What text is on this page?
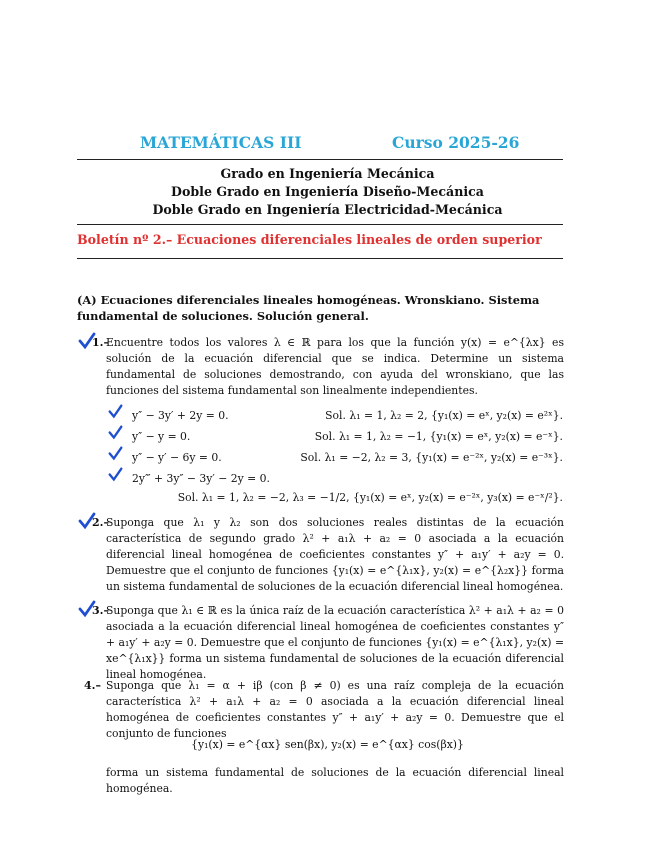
MATEMÁTICAS III	Curso 2025-26
Grado en Ingeniería Mecánica
Doble Grado en Ingeniería Diseño-Mecánica
Doble Grado en Ingeniería Electricidad-Mecánica
Boletín nº 2.– Ecuaciones diferenciales lineales de orden superior
(A) Ecuaciones diferenciales lineales homogéneas. Wronskiano. Sistema fundamental de soluciones. Solución general.
1.–
Encuentre todos los valores λ ∈ ℝ para los que la función y(x) = e^{λx} es solución de la ecuación diferencial que se indica. Determine un sistema fundamental de soluciones demostrando, con ayuda del wronskiano, que las funciones del sistema fundamental son linealmente independientes.
y″ − 3y′ + 2y = 0.	Sol. λ₁ = 1, λ₂ = 2, {y₁(x) = eˣ, y₂(x) = e²ˣ}.
y″ − y = 0.	Sol. λ₁ = 1, λ₂ = −1, {y₁(x) = eˣ, y₂(x) = e⁻ˣ}.
y″ − y′ − 6y = 0.	Sol. λ₁ = −2, λ₂ = 3, {y₁(x) = e⁻²ˣ, y₂(x) = e⁻³ˣ}.
2y‴ + 3y″ − 3y′ − 2y = 0.
Sol. λ₁ = 1, λ₂ = −2, λ₃ = −1/2, {y₁(x) = eˣ, y₂(x) = e⁻²ˣ, y₃(x) = e⁻ˣ/²}.
2.–
Suponga que λ₁ y λ₂ son dos soluciones reales distintas de la ecuación característica de segundo grado λ² + a₁λ + a₂ = 0 asociada a la ecuación diferencial lineal homogénea de coeficientes constantes y″ + a₁y′ + a₂y = 0. Demuestre que el conjunto de funciones {y₁(x) = e^{λ₁x}, y₂(x) = e^{λ₂x}} forma un sistema fundamental de soluciones de la ecuación diferencial lineal homogénea.
3.–
Suponga que λ₁ ∈ ℝ es la única raíz de la ecuación característica λ² + a₁λ + a₂ = 0 asociada a la ecuación diferencial lineal homogénea de coeficientes constantes y″ + a₁y′ + a₂y = 0. Demuestre que el conjunto de funciones {y₁(x) = e^{λ₁x}, y₂(x) = xe^{λ₁x}} forma un sistema fundamental de soluciones de la ecuación diferencial lineal homogénea.
4.– Suponga que λ₁ = α + iβ (con β ≠ 0) es una raíz compleja de la ecuación característica λ² + a₁λ + a₂ = 0 asociada a la ecuación diferencial lineal homogénea de coeficientes constantes y″ + a₁y′ + a₂y = 0. Demuestre que el conjunto de funciones
{y₁(x) = e^{αx} sen(βx), y₂(x) = e^{αx} cos(βx)}
forma un sistema fundamental de soluciones de la ecuación diferencial lineal homogénea.
